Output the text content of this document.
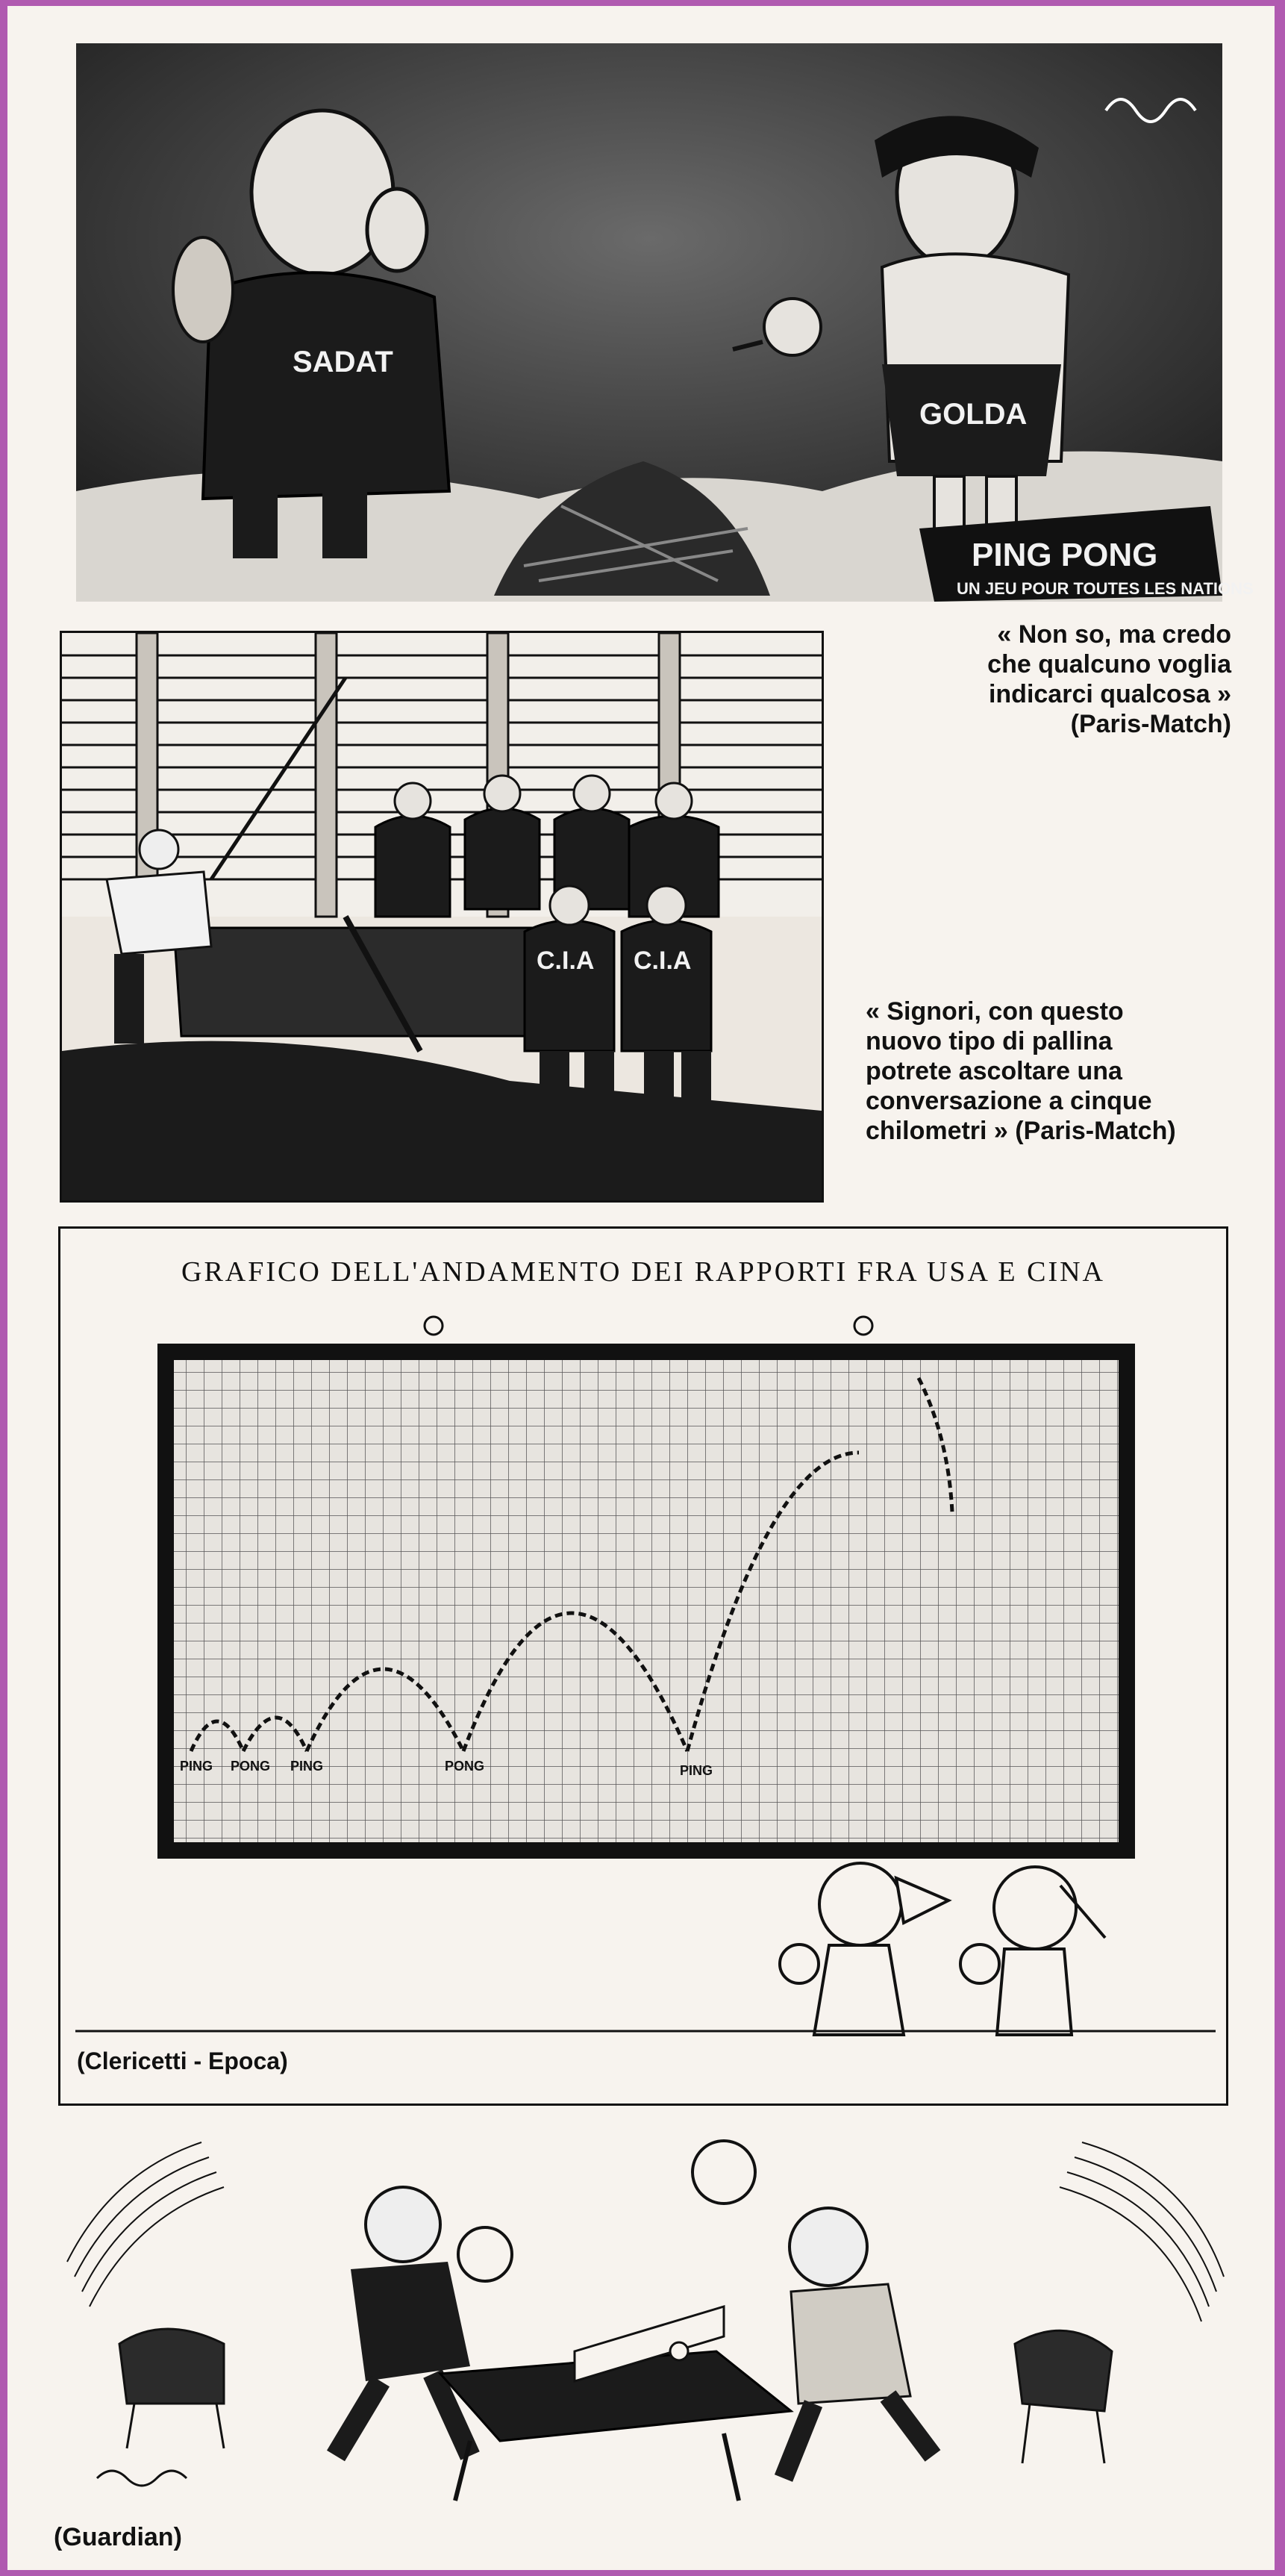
SADAT
GOLDA
PING PONG
UN JEU POUR TOUTES LES NATIONS
C.I.A C.I.A
« Non so, ma credo
che qualcuno voglia
indicarci qualcosa »
(Paris-Match)
« Signori, con questo
nuovo tipo di pallina
potrete ascoltare una
conversazione a cinque
chilometri » (Paris-Match)
GRAFICO DELL'ANDAMENTO DEI RAPPORTI FRA USA E CINA
PING PONG PING	PONG	PING
(Clericetti - Epoca)
(Guardian)
